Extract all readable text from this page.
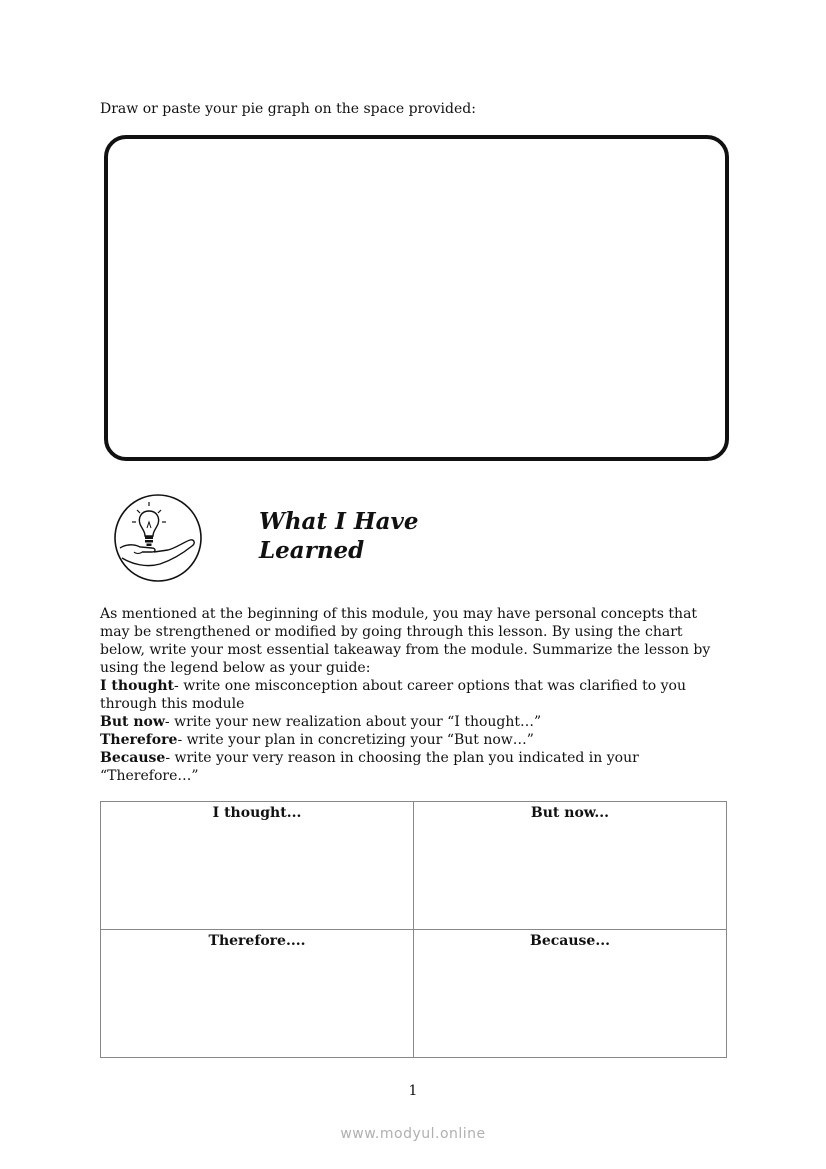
Draw or paste your pie graph on the space provided:
What I Have
Learned

As mentioned at the beginning of this module, you may have personal concepts that may be strengthened or modified by going through this lesson. By using the chart below, write your most essential takeaway from the module. Summarize the lesson by using the legend below as your guide:

I thought- write one misconception about career options that was clarified to you through this module

But now- write your new realization about your “I thought…”

Therefore- write your plan in concretizing your “But now…”

Because- write your very reason in choosing the plan you indicated in your “Therefore…”

I thought...	But now...
Therefore....	Because...
1
www.modyul.online
